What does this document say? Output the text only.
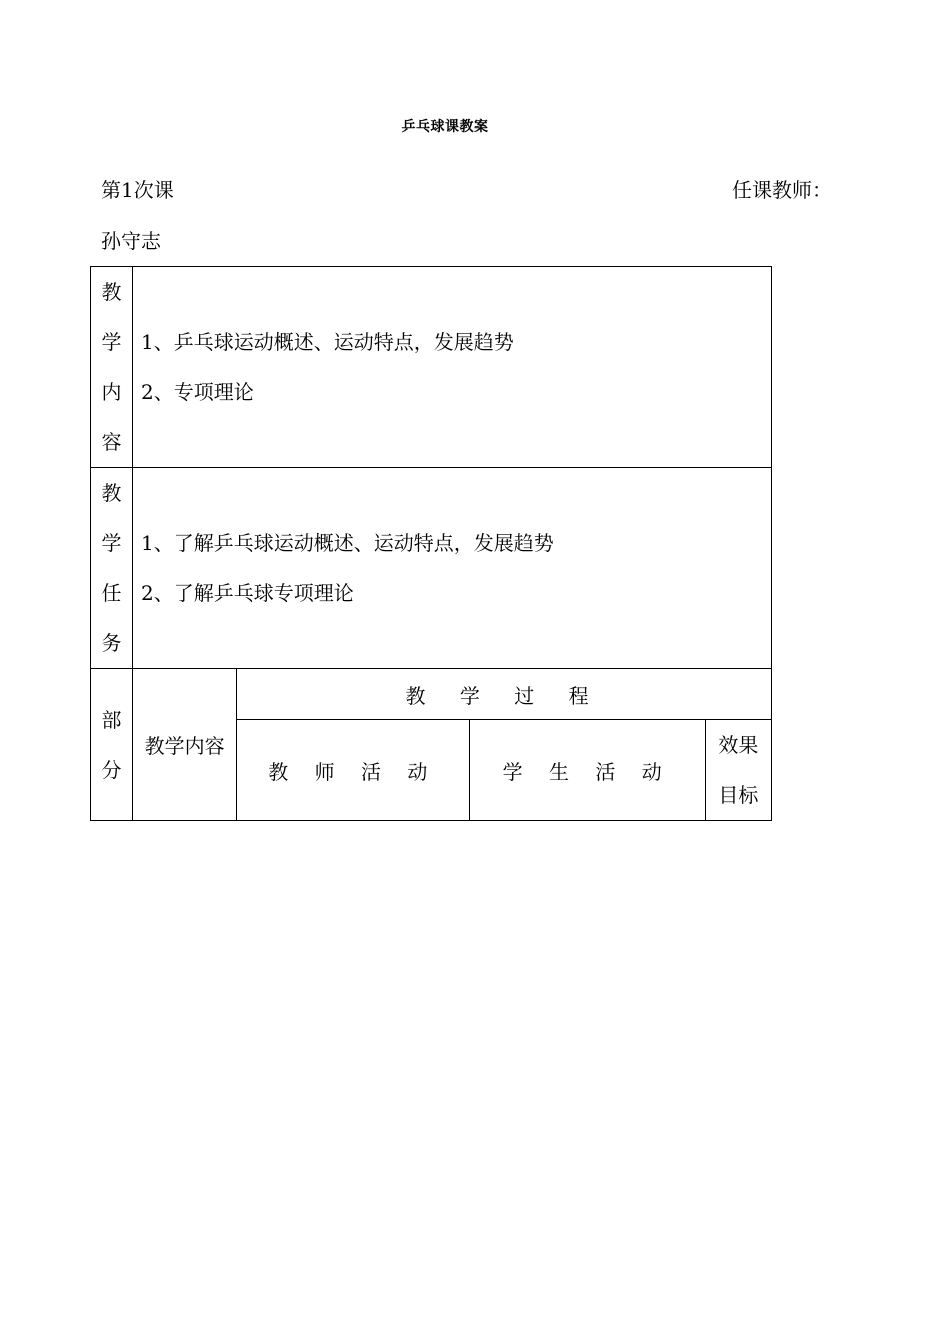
乒乓球课教案
第1次课	任课教师：
孙守志
教
学
内
容	1、乒乓球运动概述、运动特点，发展趋势
2、专项理论			

教
学
任
务	1、了解乒乓球运动概述、运动特点，发展趋势
2、了解乒乓球专项理论			

部
分	教学内容	教 学 过 程		
		教 师 活 动	学 生 活 动	效果
目标
